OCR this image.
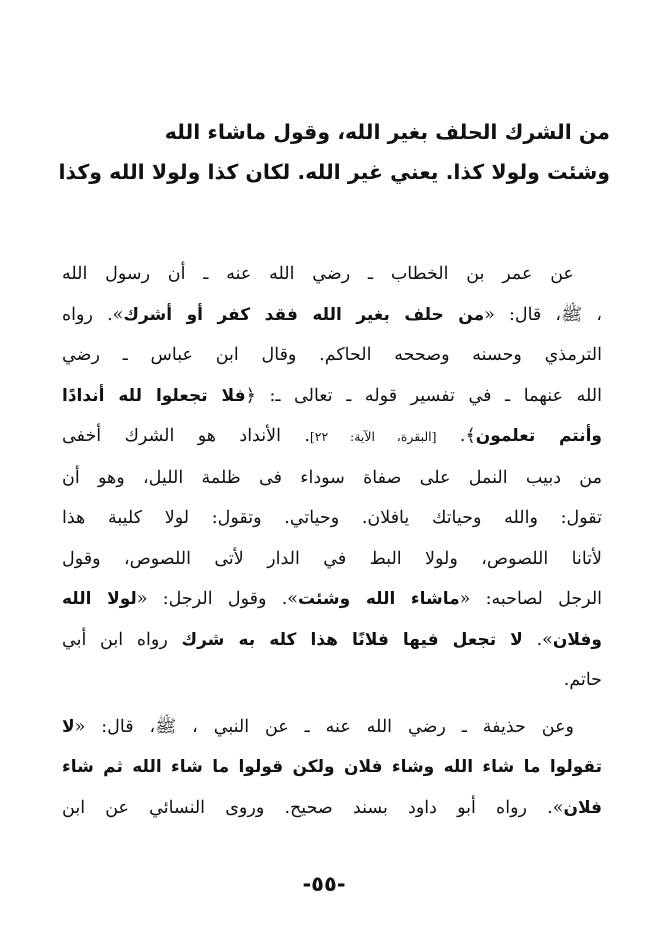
من الشرك الحلف بغير الله، وقول ماشاء الله
وشئت ولولا كذا. يعني غير الله. لكان كذا ولولا الله وكذا

عن عمر بن الخطاب ـ رضي الله عنه ـ أن رسول الله
، ﷺ، قال: «من حلف بغير الله فقد كفر أو أشرك». رواه
الترمذي وحسنه وصححه الحاكم. وقال ابن عباس ـ رضي
الله عنهما ـ في تفسير قوله ـ تعالى ـ: ﴿فلا تجعلوا لله أندادًا
وأنتم تعلمون﴾. [البقرة، الآية: ٢٢]. الأنداد هو الشرك أخفى
من دبيب النمل على صفاة سوداء فى ظلمة الليل، وهو أن
تقول: والله وحياتك يافلان. وحياتي. وتقول: لولا كليبة هذا
لأتانا اللصوص، ولولا البط في الدار لأتى اللصوص، وقول
الرجل لصاحبه: «ماشاء الله وشئت». وقول الرجل: «لولا الله
وفلان». لا تجعل فيها فلانًا هذا كله به شرك رواه ابن أبي
حاتم.

وعن حذيفة ـ رضي الله عنه ـ عن النبي ، ﷺ، قال: «لا
تقولوا ما شاء الله وشاء فلان ولكن قولوا ما شاء الله ثم شاء
فلان». رواه أبو داود بسند صحيح. وروى النسائي عن ابن

-٥٥-
